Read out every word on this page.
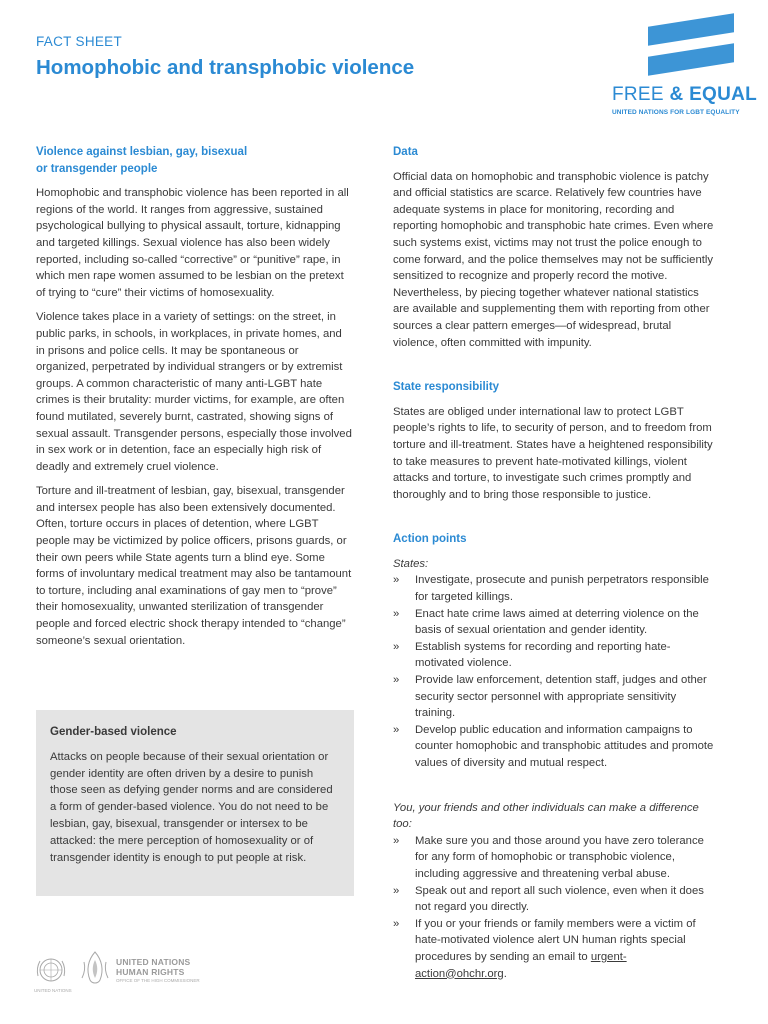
FACT SHEET
Homophobic and transphobic violence
FREE & EQUAL
UNITED NATIONS FOR LGBT EQUALITY
Violence against lesbian, gay, bisexual
or transgender people

Homophobic and transphobic violence has been reported in all regions of the world. It ranges from aggressive, sustained psychological bullying to physical assault, torture, kidnapping and targeted killings. Sexual violence has also been widely reported, including so-called “corrective” or “punitive” rape, in which men rape women assumed to be lesbian on the pretext of trying to “cure” their victims of homosexuality.

Violence takes place in a variety of settings: on the street, in public parks, in schools, in workplaces, in private homes, and in prisons and police cells. It may be spontaneous or organized, perpetrated by individual strangers or by extremist groups. A common characteristic of many anti-LGBT hate crimes is their brutality: murder victims, for example, are often found mutilated, severely burnt, castrated, showing signs of sexual assault. Transgender persons, especially those involved in sex work or in detention, face an especially high risk of deadly and extremely cruel violence.

Torture and ill-treatment of lesbian, gay, bisexual, transgender and intersex people has also been extensively documented. Often, torture occurs in places of detention, where LGBT people may be victimized by police officers, prisons guards, or their own peers while State agents turn a blind eye. Some forms of involuntary medical treatment may also be tantamount to torture, including anal examinations of gay men to “prove” their homosexuality, unwanted sterilization of transgender people and forced electric shock therapy intended to “change” someone’s sexual orientation.

Gender-based violence

Attacks on people because of their sexual orientation or gender identity are often driven by a desire to punish those seen as defying gender norms and are considered a form of gender-based violence. You do not need to be lesbian, gay, bisexual, transgender or intersex to be attacked: the mere perception of homosexuality or of transgender identity is enough to put people at risk.

Data

Official data on homophobic and transphobic violence is patchy and official statistics are scarce. Relatively few countries have adequate systems in place for monitoring, recording and reporting homophobic and transphobic hate crimes. Even where such systems exist, victims may not trust the police enough to come forward, and the police themselves may not be sufficiently sensitized to recognize and properly record the motive. Nevertheless, by piecing together whatever national statistics are available and supplementing them with reporting from other sources a clear pattern emerges—of widespread, brutal violence, often committed with impunity.

State responsibility

States are obliged under international law to protect LGBT people’s rights to life, to security of person, and to freedom from torture and ill-treatment. States have a heightened responsibility to take measures to prevent hate-motivated killings, violent attacks and torture, to investigate such crimes promptly and thoroughly and to bring those responsible to justice.

Action points

States:

» Investigate, prosecute and punish perpetrators responsible for targeted killings.
» Enact hate crime laws aimed at deterring violence on the basis of sexual orientation and gender identity.
» Establish systems for recording and reporting hate-motivated violence.
» Provide law enforcement, detention staff, judges and other security sector personnel with appropriate sensitivity training.
» Develop public education and information campaigns to counter homophobic and transphobic attitudes and promote values of diversity and mutual respect.

You, your friends and other individuals can make a difference too:

» Make sure you and those around you have zero tolerance for any form of homophobic or transphobic violence, including aggressive and threatening verbal abuse.
» Speak out and report all such violence, even when it does not regard you directly.
» If you or your friends or family members were a victim of hate-motivated violence alert UN human rights special procedures by sending an email to urgent-action@ohchr.org.
UNITED NATIONS
UNITED NATIONS
HUMAN RIGHTS
OFFICE OF THE HIGH COMMISSIONER
